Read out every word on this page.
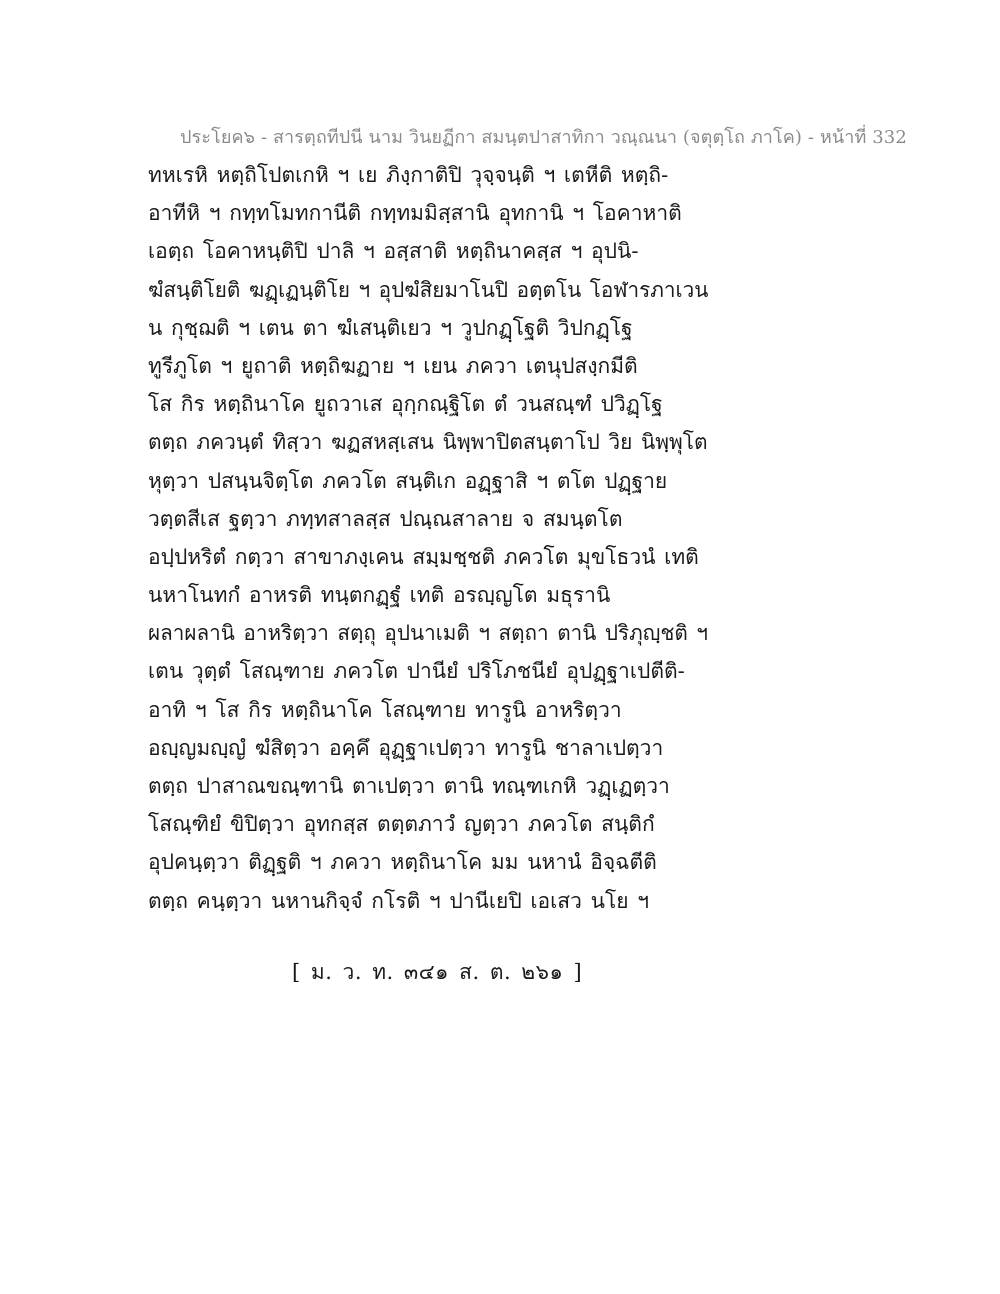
ประโยค๖ - สารตฺถทีปนี นาม วินยฏีกา สมนฺตปาสาทิกา วณฺณนา (จตุตฺโถ ภาโค) - หน้าที่ 332
ทหเรหิ หตฺถิโปตเกหิ ฯ เย ภิงฺกาติปิ วุจฺจนฺติ ฯ เตหีติ หตฺถิ-
อาทีหิ ฯ กทฺทโมทกานีติ กทฺทมมิสฺสานิ อุทกานิ ฯ โอคาหาติ
เอตฺถ โอคาหนฺติปิ ปาลิ ฯ อสฺสาติ หตฺถินาคสฺส ฯ อุปนิ-
ฆํสนฺติโยติ ฆฏฺเฏนฺติโย ฯ อุปฆํสิยมาโนปิ อตฺตโน โอฬารภาเวน
น กุชฺฌติ ฯ เตน ตา ฆํเสนฺติเยว ฯ วูปกฏฺโฐติ วิปกฏฺโฐ
ทูรีภูโต ฯ ยูถาติ หตฺถิฆฏาย ฯ เยน ภควา เตนุปสงฺกมีติ
โส กิร หตฺถินาโค ยูถวาเส อุกฺกณฺฐิโต ตํ วนสณฺฑํ ปวิฏฺโฐ
ตตฺถ ภควนฺตํ ทิสฺวา ฆฏสหสฺเสน นิพฺพาปิตสนฺตาโป วิย นิพฺพุโต
หุตฺวา ปสนฺนจิตฺโต ภควโต สนฺติเก อฏฺฐาสิ ฯ ตโต ปฏฺฐาย
วตฺตสีเส ฐตฺวา ภทฺทสาลสฺส ปณฺณสาลาย จ สมนฺตโต
อปฺปหริตํ กตฺวา สาขาภงฺเคน สมฺมชฺชติ ภควโต มุขโธวนํ เทติ
นหาโนทกํ อาหรติ ทนฺตกฏฺฐํ เทติ อรญฺญโต มธุรานิ
ผลาผลานิ อาหริตฺวา สตฺถุ อุปนาเมติ ฯ สตฺถา ตานิ ปริภุญฺชติ ฯ
เตน วุตฺตํ โสณฺฑาย ภควโต ปานียํ ปริโภชนียํ อุปฏฺฐาเปตีติ-
อาทิ ฯ โส กิร หตฺถินาโค โสณฺฑาย ทารูนิ อาหริตฺวา
อญฺญมญฺญํ ฆํสิตฺวา อคฺคึ อุฏฺฐาเปตฺวา ทารูนิ ชาลาเปตฺวา
ตตฺถ ปาสาณขณฺฑานิ ตาเปตฺวา ตานิ ทณฺฑเกหิ วฏฺเฏตฺวา
โสณฺฑิยํ ขิปิตฺวา อุทกสฺส ตตฺตภาวํ ญตฺวา ภควโต สนฺติกํ
อุปคนฺตฺวา ติฏฺฐติ ฯ ภควา หตฺถินาโค มม นหานํ อิจฺฉตีติ
ตตฺถ คนฺตฺวา นหานกิจฺจํ กโรติ ฯ ปานีเยปิ เอเสว นโย ฯ
[ ม. ว. ท. ๓๔๑ ส. ต. ๒๖๑ ]
